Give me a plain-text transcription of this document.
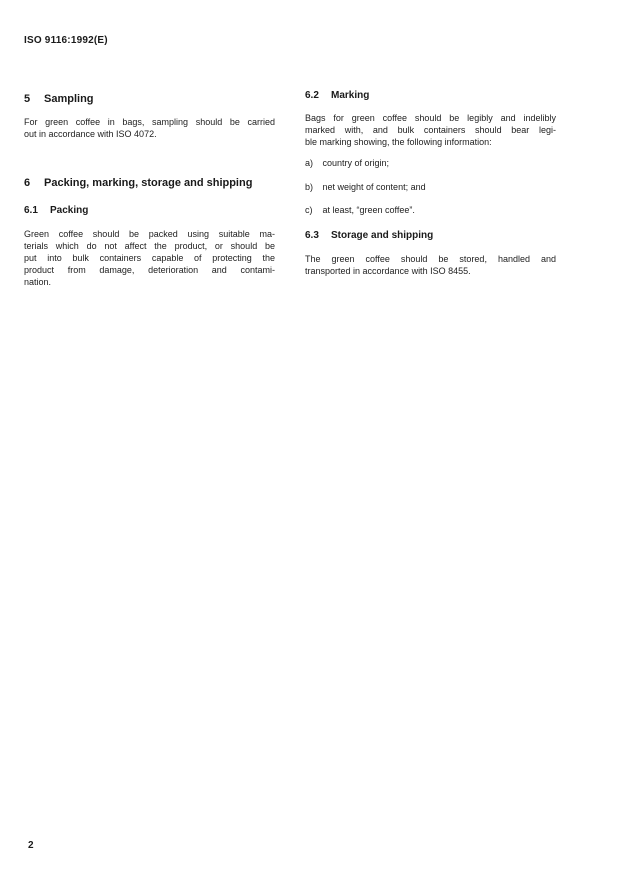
ISO 9116:1992(E)
5 Sampling
For green coffee in bags, sampling should be carried
out in accordance with ISO 4072.
6 Packing, marking, storage and shipping
6.1 Packing
Green coffee should be packed using suitable ma-
terials which do not affect the product, or should be
put into bulk containers capable of protecting the
product from damage, deterioration and contami-
nation.
6.2 Marking
Bags for green coffee should be legibly and indelibly
marked with, and bulk containers should bear legi-
ble marking showing, the following information:
a) country of origin;
b) net weight of content; and
c) at least, “green coffee”.
6.3 Storage and shipping
The green coffee should be stored, handled and
transported in accordance with ISO 8455.
2
